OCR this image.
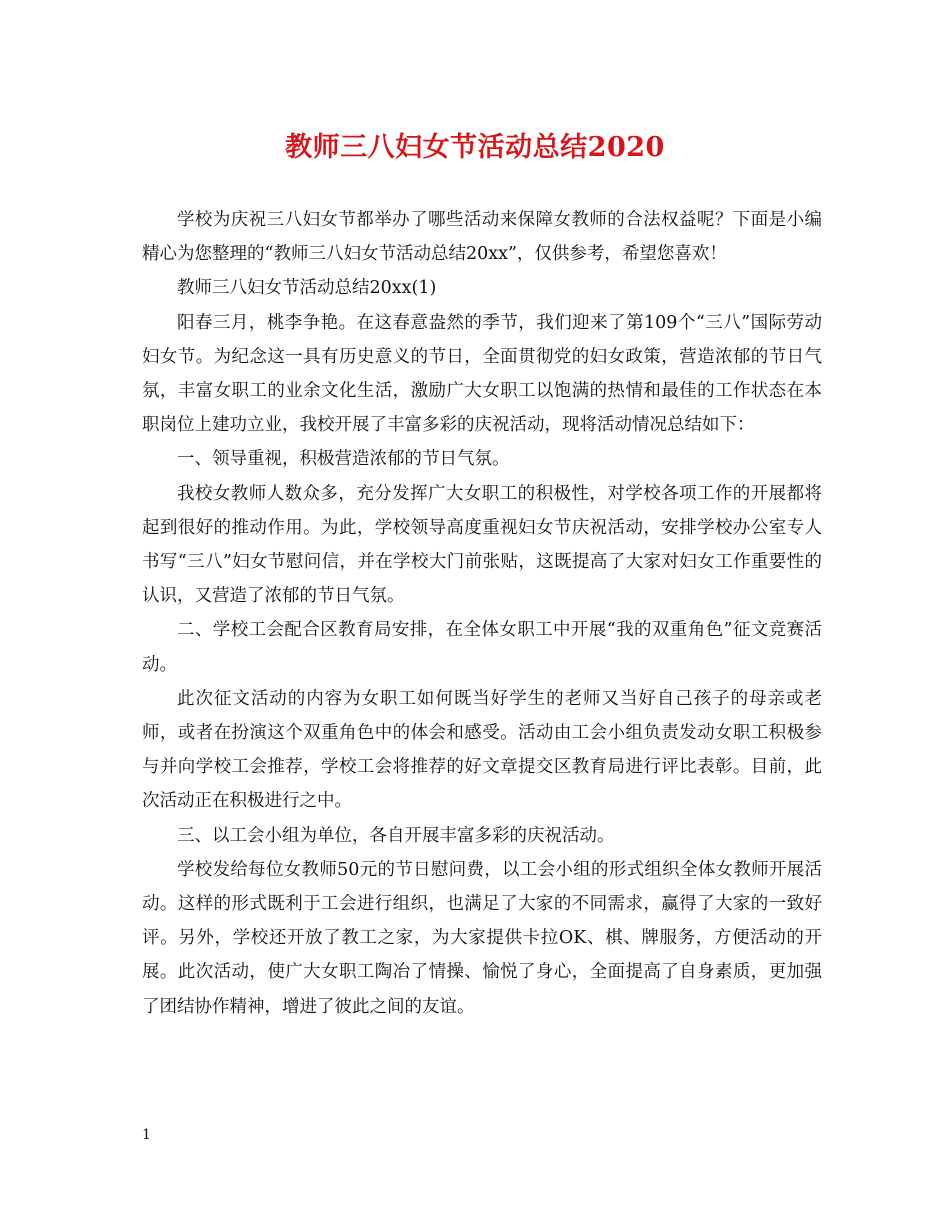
教师三八妇女节活动总结2020

学校为庆祝三八妇女节都举办了哪些活动来保障女教师的合法权益呢？下面是小编精心为您整理的“教师三八妇女节活动总结20xx”，仅供参考，希望您喜欢！

教师三八妇女节活动总结20xx(1)

阳春三月，桃李争艳。在这春意盎然的季节，我们迎来了第109个“三八”国际劳动妇女节。为纪念这一具有历史意义的节日，全面贯彻党的妇女政策，营造浓郁的节日气氛，丰富女职工的业余文化生活，激励广大女职工以饱满的热情和最佳的工作状态在本职岗位上建功立业，我校开展了丰富多彩的庆祝活动，现将活动情况总结如下：

一、领导重视，积极营造浓郁的节日气氛。

我校女教师人数众多，充分发挥广大女职工的积极性，对学校各项工作的开展都将起到很好的推动作用。为此，学校领导高度重视妇女节庆祝活动，安排学校办公室专人书写“三八”妇女节慰问信，并在学校大门前张贴，这既提高了大家对妇女工作重要性的认识，又营造了浓郁的节日气氛。

二、学校工会配合区教育局安排，在全体女职工中开展“我的双重角色”征文竞赛活动。

此次征文活动的内容为女职工如何既当好学生的老师又当好自己孩子的母亲或老师，或者在扮演这个双重角色中的体会和感受。活动由工会小组负责发动女职工积极参与并向学校工会推荐，学校工会将推荐的好文章提交区教育局进行评比表彰。目前，此次活动正在积极进行之中。

三、以工会小组为单位，各自开展丰富多彩的庆祝活动。

学校发给每位女教师50元的节日慰问费，以工会小组的形式组织全体女教师开展活动。这样的形式既利于工会进行组织，也满足了大家的不同需求，赢得了大家的一致好评。另外，学校还开放了教工之家，为大家提供卡拉OK、棋、牌服务，方便活动的开展。此次活动，使广大女职工陶冶了情操、愉悦了身心，全面提高了自身素质，更加强了团结协作精神，增进了彼此之间的友谊。

1
